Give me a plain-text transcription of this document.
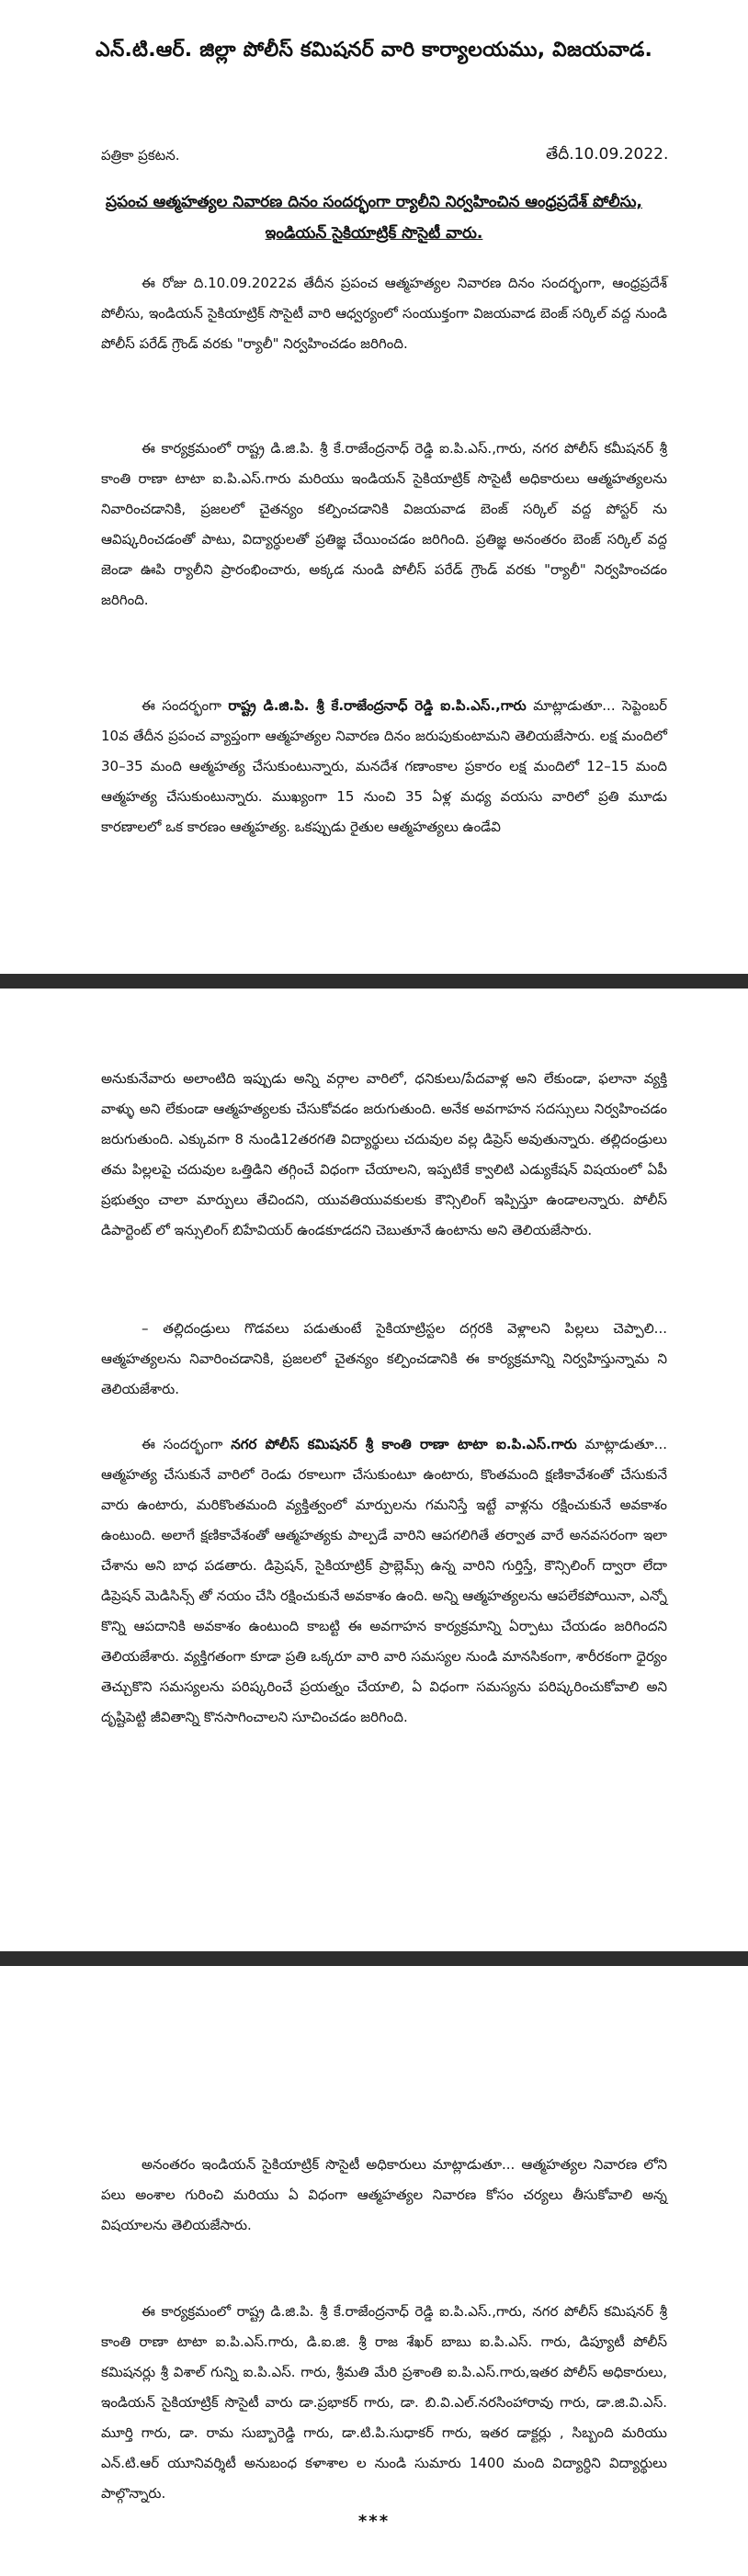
ఎన్.టి.ఆర్. జిల్లా పోలీస్ కమిషనర్ వారి కార్యాలయము, విజయవాడ.
పత్రికా ప్రకటన.	తేదీ.10.09.2022.
ప్రపంచ ఆత్మహత్యల నివారణ దినం సందర్భంగా ర్యాలీని నిర్వహించిన ఆంధ్రప్రదేశ్ పోలీసు,
ఇండియన్ సైకియాట్రిక్ సొసైటీ వారు.

ఈ రోజు ది.10.09.2022వ తేదీన ప్రపంచ ఆత్మహత్యల నివారణ దినం సందర్భంగా, ఆంధ్రప్రదేశ్ పోలీసు, ఇండియన్ సైకియాట్రిక్ సొసైటీ వారి ఆధ్వర్యంలో సంయుక్తంగా విజయవాడ బెంజ్ సర్కిల్ వద్ద నుండి పోలీస్ పరేడ్ గ్రౌండ్ వరకు "ర్యాలీ" నిర్వహించడం జరిగింది.

ఈ కార్యక్రమంలో రాష్ట్ర డి.జి.పి. శ్రీ కే.రాజేంద్రనాధ్ రెడ్డి ఐ.పి.ఎస్.,గారు, నగర పోలీస్ కమీషనర్ శ్రీ కాంతి రాణా టాటా ఐ.పి.ఎస్.గారు మరియు ఇండియన్ సైకియాట్రిక్ సొసైటీ అధికారులు ఆత్మహత్యలను నివారించడానికి, ప్రజలలో చైతన్యం కల్పించడానికి విజయవాడ బెంజ్ సర్కిల్ వద్ద పోస్టర్ ను ఆవిష్కరించడంతో పాటు, విద్యార్ధులతో ప్రతిజ్ఞ చేయించడం జరిగింది. ప్రతిజ్ఞ అనంతరం బెంజ్ సర్కిల్ వద్ద జెండా ఊపి ర్యాలీని ప్రారంభించారు, అక్కడ నుండి పోలీస్ పరేడ్ గ్రౌండ్ వరకు "ర్యాలీ" నిర్వహించడం జరిగింది.

ఈ సందర్భంగా రాష్ట్ర డి.జి.పి. శ్రీ కే.రాజేంద్రనాధ్ రెడ్డి ఐ.పి.ఎస్.,గారు మాట్లాడుతూ... సెప్టెంబర్ 10వ తేదీన ప్రపంచ వ్యాప్తంగా ఆత్మహత్యల నివారణ దినం జరుపుకుంటామని తెలియజేసారు. లక్ష మందిలో 30–35 మంది ఆత్మహత్య చేసుకుంటున్నారు, మనదేశ గణాంకాల ప్రకారం లక్ష మందిలో 12–15 మంది ఆత్మహత్య చేసుకుంటున్నారు. ముఖ్యంగా 15 నుంచి 35 ఏళ్ల మధ్య వయసు వారిలో ప్రతి మూడు కారణాలలో ఒక కారణం ఆత్మహత్య. ఒకప్పుడు రైతుల ఆత్మహత్యలు ఉండేవి

అనుకునేవారు అలాంటిది ఇప్పుడు అన్ని వర్గాల వారిలో, ధనికులు/పేదవాళ్ల అని లేకుండా, ఫలానా వ్యక్తి వాళ్ళు అని లేకుండా ఆత్మహత్యలకు చేసుకోవడం జరుగుతుంది. అనేక అవగాహన సదస్సులు నిర్వహించడం జరుగుతుంది. ఎక్కువగా 8 నుండి12తరగతి విద్యార్థులు చదువుల వల్ల డిప్రెస్ అవుతున్నారు. తల్లిదండ్రులు తమ పిల్లలపై చదువుల ఒత్తిడిని తగ్గించే విధంగా చేయాలని, ఇప్పటికే క్వాలిటి ఎడ్యుకేషన్ విషయంలో ఏపీ ప్రభుత్వం చాలా మార్పులు తేచిందని, యువతియువకులకు కౌన్సిలింగ్ ఇప్పిస్తూ ఉండాలన్నారు. పోలీస్ డిపార్టెంట్ లో ఇన్సులింగ్ బిహేవియర్ ఉండకూడదని చెబుతూనే ఉంటాను అని తెలియజేసారు.

– తల్లిదండ్రులు గొడవలు పడుతుంటే సైకియాట్రిస్టల దగ్గరకి వెళ్లాలని పిల్లలు చెప్పాలి... ఆత్మహత్యలను నివారించడానికి, ప్రజలలో చైతన్యం కల్పించడానికి ఈ కార్యక్రమాన్ని నిర్వహిస్తున్నామ ని తెలియజేశారు.

ఈ సందర్భంగా నగర పోలీస్ కమిషనర్ శ్రీ కాంతి రాణా టాటా ఐ.పి.ఎస్.గారు మాట్లాడుతూ... ఆత్మహత్య చేసుకునే వారిలో రెండు రకాలుగా చేసుకుంటూ ఉంటారు, కొంతమంది క్షణికావేశంతో చేసుకునే వారు ఉంటారు, మరికొంతమంది వ్యక్తిత్వంలో మార్పులను గమనిస్తే ఇట్టే వాళ్లను రక్షించుకునే అవకాశం ఉంటుంది. అలాగే క్షణికావేశంతో ఆత్మహత్యకు పాల్పడే వారిని ఆపగలిగితే తర్వాత వారే అనవసరంగా ఇలా చేశాను అని బాధ పడతారు. డిప్రెషన్, సైకియాట్రిక్ ప్రాబ్లెమ్స్ ఉన్న వారిని గుర్తిస్తే, కౌన్సిలింగ్ ద్వారా లేదా డిప్రెషన్ మెడిసిన్స్ తో నయం చేసి రక్షించుకునే అవకాశం ఉంది. అన్ని ఆత్మహత్యలను ఆపలేకపోయినా, ఎన్నో కొన్ని ఆపదానికి అవకాశం ఉంటుంది కాబట్టి ఈ అవగాహన కార్యక్రమాన్ని ఏర్పాటు చేయడం జరిగిందని తెలియజేశారు. వ్యక్తిగతంగా కూడా ప్రతి ఒక్కరూ వారి వారి సమస్యల నుండి మానసికంగా, శారీరకంగా ధైర్యం తెచ్చుకొని సమస్యలను పరిష్కరించే ప్రయత్నం చేయాలి, ఏ విధంగా సమస్యను పరిష్కరించుకోవాలి అని దృష్టిపెట్టి జీవితాన్ని కొనసాగించాలని సూచించడం జరిగింది.

అనంతరం ఇండియన్ సైకియాట్రిక్ సొసైటీ అధికారులు మాట్లాడుతూ... ఆత్మహత్యల నివారణ లోని పలు అంశాల గురించి మరియు ఏ విధంగా ఆత్మహత్యల నివారణ కోసం చర్యలు తీసుకోవాలి అన్న విషయాలను తెలియజేసారు.

ఈ కార్యక్రమంలో రాష్ట్ర డి.జి.పి. శ్రీ కే.రాజేంద్రనాధ్ రెడ్డి ఐ.పి.ఎస్.,గారు, నగర పోలీస్ కమిషనర్ శ్రీ కాంతి రాణా టాటా ఐ.పి.ఎస్.గారు, డి.ఐ.జి. శ్రీ రాజ శేఖర్ బాబు ఐ.పి.ఎస్. గారు, డిప్యూటీ పోలీస్ కమిషనర్లు శ్రీ విశాల్ గున్ని ఐ.పి.ఎస్. గారు, శ్రీమతి మేరి ప్రశాంతి ఐ.పి.ఎస్.గారు,ఇతర పోలీస్ అధికారులు, ఇండియన్ సైకియాట్రిక్ సొసైటీ వారు డా.ప్రభాకర్ గారు, డా. బి.వి.ఎల్.నరసింహారావు గారు, డా.జి.వి.ఎస్. మూర్తి గారు, డా. రామ సుబ్బారెడ్డి గారు, డా.టి.పి.సుధాకర్ గారు, ఇతర డాక్టర్లు , సిబ్బంది మరియు ఎన్.టి.ఆర్ యూనివర్శిటీ అనుబంధ కళాశాల ల నుండి సుమారు 1400 మంది విద్యార్ధిని విద్యార్థులు పాల్గొన్నారు.

***
